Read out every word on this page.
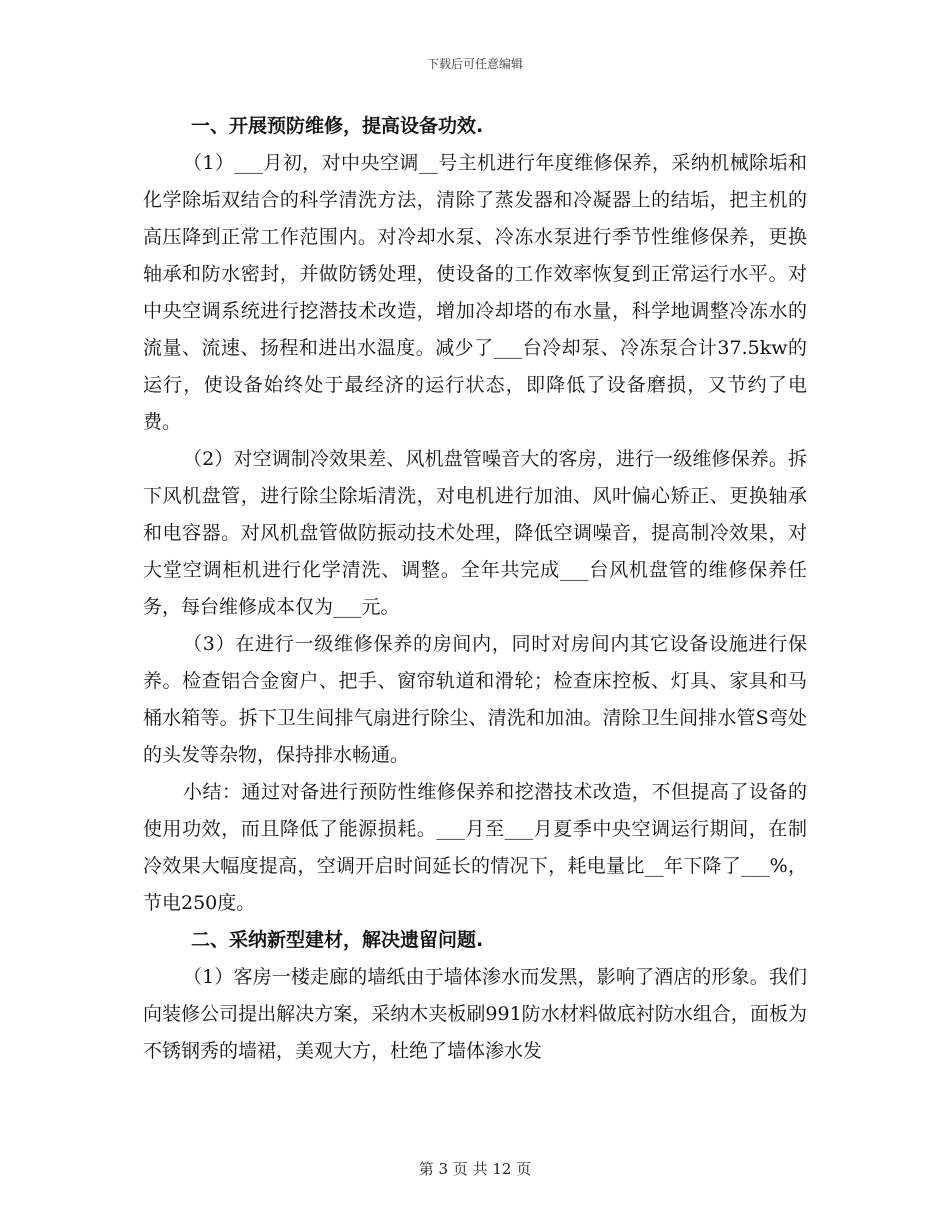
下载后可任意编辑
一、开展预防维修，提高设备功效.

（1）___月初，对中央空调__号主机进行年度维修保养，采纳机械除垢和化学除垢双结合的科学清洗方法，清除了蒸发器和冷凝器上的结垢，把主机的高压降到正常工作范围内。对冷却水泵、冷冻水泵进行季节性维修保养，更换轴承和防水密封，并做防锈处理，使设备的工作效率恢复到正常运行水平。对中央空调系统进行挖潜技术改造，增加冷却塔的布水量，科学地调整冷冻水的流量、流速、扬程和进出水温度。减少了___台冷却泵、冷冻泵合计37.5kw的运行，使设备始终处于最经济的运行状态，即降低了设备磨损，又节约了电费。

（2）对空调制冷效果差、风机盘管噪音大的客房，进行一级维修保养。拆下风机盘管，进行除尘除垢清洗，对电机进行加油、风叶偏心矫正、更换轴承和电容器。对风机盘管做防振动技术处理，降低空调噪音，提高制冷效果，对大堂空调柜机进行化学清洗、调整。全年共完成___台风机盘管的维修保养任务，每台维修成本仅为___元。

（3）在进行一级维修保养的房间内，同时对房间内其它设备设施进行保养。检查铝合金窗户、把手、窗帘轨道和滑轮；检查床控板、灯具、家具和马桶水箱等。拆下卫生间排气扇进行除尘、清洗和加油。清除卫生间排水管S弯处的头发等杂物，保持排水畅通。

小结：通过对备进行预防性维修保养和挖潜技术改造，不但提高了设备的使用功效，而且降低了能源损耗。___月至___月夏季中央空调运行期间，在制冷效果大幅度提高，空调开启时间延长的情况下，耗电量比__年下降了___%，节电250度。

二、采纳新型建材，解决遗留问题.

（1）客房一楼走廊的墙纸由于墙体渗水而发黑，影响了酒店的形象。我们向装修公司提出解决方案，采纳木夹板刷991防水材料做底衬防水组合，面板为不锈钢秀的墙裙，美观大方，杜绝了墙体渗水发

第 3 页 共 12 页
